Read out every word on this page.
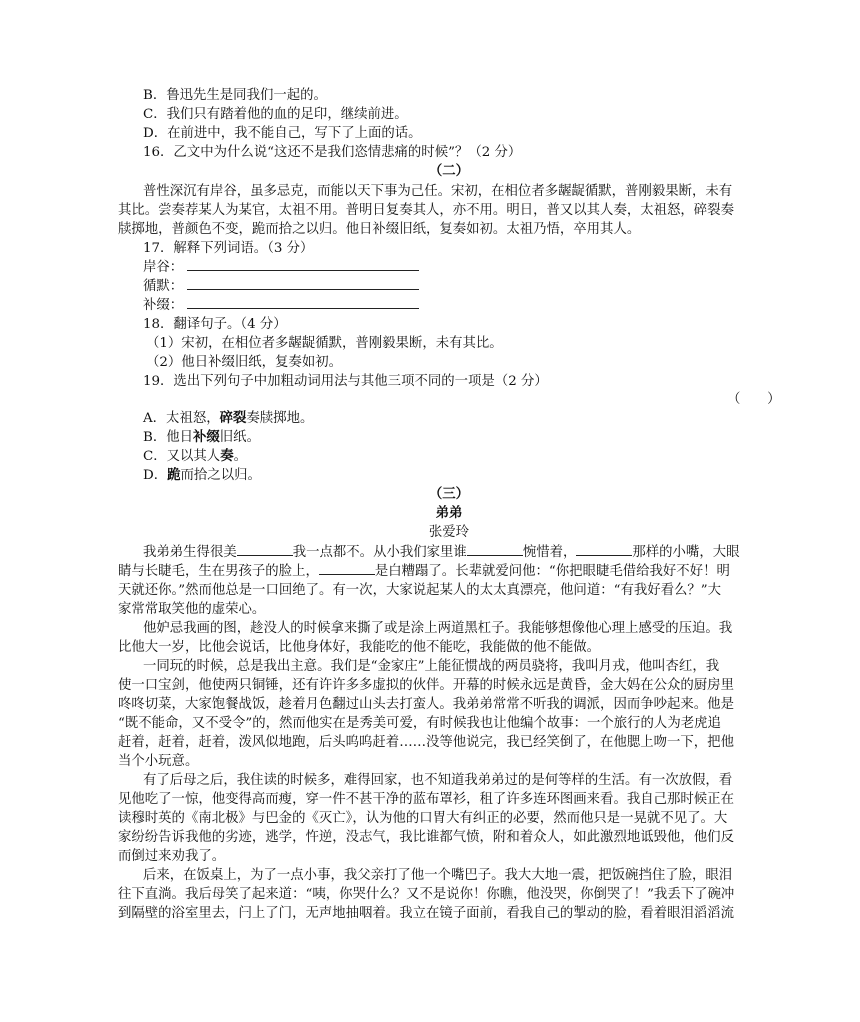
B．鲁迅先生是同我们一起的。
C．我们只有踏着他的血的足印，继续前进。
D．在前进中，我不能自己，写下了上面的话。
16．乙文中为什么说“这还不是我们恣情悲痛的时候”？（2 分）
（二）
普性深沉有岸谷，虽多忌克，而能以天下事为己任。宋初，在相位者多龌龊循默，普刚毅果断，未有
其比。尝奏荐某人为某官，太祖不用。普明日复奏其人，亦不用。明日，普又以其人奏，太祖怒，碎裂奏
牍掷地，普颜色不变，跪而拾之以归。他日补缀旧纸，复奏如初。太祖乃悟，卒用其人。
17．解释下列词语。（3 分）
岸谷：
循默：
补缀：
18．翻译句子。（4 分）
（1）宋初，在相位者多龌龊循默，普刚毅果断，未有其比。
（2）他日补缀旧纸，复奏如初。
19．选出下列句子中加粗动词用法与其他三项不同的一项是（2 分）
（　　）
A．太祖怒，碎裂奏牍掷地。
B．他日补缀旧纸。
C．又以其人奏。
D．跪而拾之以归。
（三）
弟弟
张爱玲
我弟弟生得很美	我一点都不。从小我们家里谁	惋惜着，	那样的小嘴，大眼
睛与长睫毛，生在男孩子的脸上，	是白糟蹋了。长辈就爱问他：“你把眼睫毛借给我好不好！明
天就还你。”然而他总是一口回绝了。有一次，大家说起某人的太太真漂亮，他问道：“有我好看么？”大
家常常取笑他的虚荣心。
他妒忌我画的图，趁没人的时候拿来撕了或是涂上两道黑杠子。我能够想像他心理上感受的压迫。我
比他大一岁，比他会说话，比他身体好，我能吃的他不能吃，我能做的他不能做。
一同玩的时候，总是我出主意。我们是“金家庄”上能征惯战的两员骁将，我叫月戎，他叫杏红，我
使一口宝剑，他使两只铜锤，还有许许多多虚拟的伙伴。开幕的时候永远是黄昏，金大妈在公众的厨房里
咚咚切菜，大家饱餐战饭，趁着月色翻过山头去打蛮人。我弟弟常常不听我的调派，因而争吵起来。他是
“既不能命，又不受令”的，然而他实在是秀美可爱，有时候我也让他编个故事：一个旅行的人为老虎追
赶着，赶着，赶着，泼风似地跑，后头呜呜赶着……没等他说完，我已经笑倒了，在他腮上吻一下，把他
当个小玩意。
有了后母之后，我住读的时候多，难得回家，也不知道我弟弟过的是何等样的生活。有一次放假，看
见他吃了一惊，他变得高而瘦，穿一件不甚干净的蓝布罩衫，租了许多连环图画来看。我自己那时候正在
读穆时英的《南北极》与巴金的《灭亡》，认为他的口胃大有纠正的必要，然而他只是一晃就不见了。大
家纷纷告诉我他的劣迹，逃学，忤逆，没志气，我比谁都气愤，附和着众人，如此激烈地诋毁他，他们反
而倒过来劝我了。
后来，在饭桌上，为了一点小事，我父亲打了他一个嘴巴子。我大大地一震，把饭碗挡住了脸，眼泪
往下直淌。我后母笑了起来道：“咦，你哭什么？又不是说你！你瞧，他没哭，你倒哭了！”我丢下了碗冲
到隔壁的浴室里去，闩上了门，无声地抽咽着。我立在镜子面前，看我自己的掣动的脸，看着眼泪滔滔流
